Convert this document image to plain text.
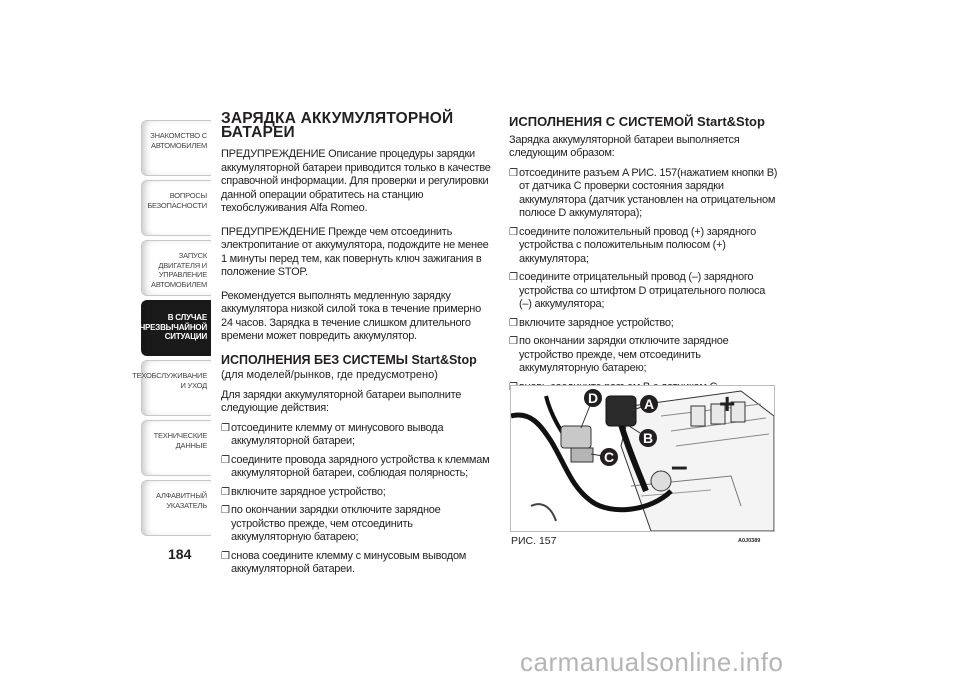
ЗНАКОМСТВО С
АВТОМОБИЛЕМ
ВОПРОСЫ
БЕЗОПАСНОСТИ
ЗАПУСК ДВИГАТЕЛЯ И
УПРАВЛЕНИЕ
АВТОМОБИЛЕМ
В СЛУЧАЕ
ЧРЕЗВЫЧАЙНОЙ
СИТУАЦИИ
ТЕХОБСЛУЖИВАНИЕ
И УХОД
ТЕХНИЧЕСКИЕ
ДАННЫЕ
АЛФАВИТНЫЙ
УКАЗАТЕЛЬ
184
ЗАРЯДКА АККУМУЛЯТОРНОЙ БАТАРЕИ

ПРЕДУПРЕЖДЕНИЕ Описание процедуры зарядки аккумуляторной батареи приводится только в качестве справочной информации. Для проверки и регулировки данной операции обратитесь на станцию техобслуживания Alfa Romeo.

ПРЕДУПРЕЖДЕНИЕ Прежде чем отсоединить электропитание от аккумулятора, подождите не менее 1 минуты перед тем, как повернуть ключ зажигания в положение STOP.

Рекомендуется выполнять медленную зарядку аккумулятора низкой силой тока в течение примерно 24 часов. Зарядка в течение слишком длительного времени может повредить аккумулятор.

ИСПОЛНЕНИЯ БЕЗ СИСТЕМЫ Start&Stop
(для моделей/рынков, где предусмотрено)

Для зарядки аккумуляторной батареи выполните следующие действия:

❐ отсоедините клемму от минусового вывода аккумуляторной батареи;
❐ соедините провода зарядного устройства к клеммам аккумуляторной батареи, соблюдая полярность;
❐ включите зарядное устройство;
❐ по окончании зарядки отключите зарядное устройство прежде, чем отсоединить аккумуляторную батарею;
❐ снова соедините клемму с минусовым выводом аккумуляторной батареи.
ИСПОЛНЕНИЯ С СИСТЕМОЙ Start&Stop

Зарядка аккумуляторной батареи выполняется следующим образом:

❐ отсоедините разъем A РИС. 157(нажатием кнопки B) от датчика C проверки состояния зарядки аккумулятора (датчик установлен на отрицательном полюсе D аккумулятора);
❐ соедините положительный провод (+) зарядного устройства с положительным полюсом (+) аккумулятора;
❐ соедините отрицательный провод (–) зарядного устройства со штифтом D отрицательного полюса (–) аккумулятора;
❐ включите зарядное устройство;
❐ по окончании зарядки отключите зарядное устройство прежде, чем отсоединить аккумуляторную батарею;
D	A
B
C
+
–
РИС. 157	A0J0389
carmanualsonline.info
